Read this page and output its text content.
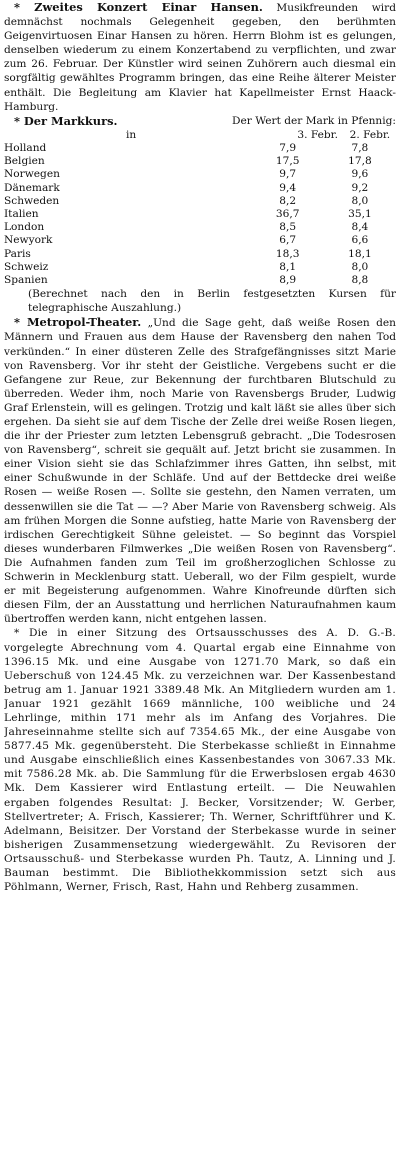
* Zweites Konzert Einar Hansen. Musikfreunden wird demnächst nochmals Gelegenheit gegeben, den berühmten Geigenvirtuosen Einar Hansen zu hören. Herrn Blohm ist es gelungen, denselben wiederum zu einem Konzertabend zu verpflichten, und zwar zum 26. Februar. Der Künstler wird seinen Zuhörern auch diesmal ein sorgfältig gewähltes Programm bringen, das eine Reihe älterer Meister enthält. Die Begleitung am Klavier hat Kapellmeister Ernst Haack-Hamburg.

* Der Markkurs.	Der Wert der Mark in Pfennig:
in	3. Febr.	2. Febr.
Holland	7,9	7,8
Belgien	17,5	17,8
Norwegen	9,7	9,6
Dänemark	9,4	9,2
Schweden	8,2	8,0
Italien	36,7	35,1
London	8,5	8,4
Newyork	6,7	6,6
Paris	18,3	18,1
Schweiz	8,1	8,0
Spanien	8,9	8,8

(Berechnet nach den in Berlin festgesetzten Kursen für telegraphische Auszahlung.)

* Metropol-Theater. „Und die Sage geht, daß weiße Rosen den Männern und Frauen aus dem Hause der Ravensberg den nahen Tod verkünden.“ In einer düsteren Zelle des Strafgefängnisses sitzt Marie von Ravensberg. Vor ihr steht der Geistliche. Vergebens sucht er die Gefangene zur Reue, zur Bekennung der furchtbaren Blutschuld zu überreden. Weder ihm, noch Marie von Ravensbergs Bruder, Ludwig Graf Erlenstein, will es gelingen. Trotzig und kalt läßt sie alles über sich ergehen. Da sieht sie auf dem Tische der Zelle drei weiße Rosen liegen, die ihr der Priester zum letzten Lebensgruß gebracht. „Die Todesrosen von Ravensberg“, schreit sie gequält auf. Jetzt bricht sie zusammen. In einer Vision sieht sie das Schlafzimmer ihres Gatten, ihn selbst, mit einer Schußwunde in der Schläfe. Und auf der Bettdecke drei weiße Rosen — weiße Rosen —. Sollte sie gestehn, den Namen verraten, um dessenwillen sie die Tat — —? Aber Marie von Ravensberg schweig. Als am frühen Morgen die Sonne aufstieg, hatte Marie von Ravensberg der irdischen Gerechtigkeit Sühne geleistet. — So beginnt das Vorspiel dieses wunderbaren Filmwerkes „Die weißen Rosen von Ravensberg“. Die Aufnahmen fanden zum Teil im großherzoglichen Schlosse zu Schwerin in Mecklenburg statt. Ueberall, wo der Film gespielt, wurde er mit Begeisterung aufgenommen. Wahre Kinofreunde dürften sich diesen Film, der an Ausstattung und herrlichen Naturaufnahmen kaum übertroffen werden kann, nicht entgehen lassen.

* Die in einer Sitzung des Ortsausschusses des A. D. G.-B. vorgelegte Abrechnung vom 4. Quartal ergab eine Einnahme von 1396.15 Mk. und eine Ausgabe von 1271.70 Mark, so daß ein Ueberschuß von 124.45 Mk. zu verzeichnen war. Der Kassenbestand betrug am 1. Januar 1921 3389.48 Mk. An Mitgliedern wurden am 1. Januar 1921 gezählt 1669 männliche, 100 weibliche und 24 Lehrlinge, mithin 171 mehr als im Anfang des Vorjahres. Die Jahreseinnahme stellte sich auf 7354.65 Mk., der eine Ausgabe von 5877.45 Mk. gegenübersteht. Die Sterbekasse schließt in Einnahme und Ausgabe einschließlich eines Kassenbestandes von 3067.33 Mk. mit 7586.28 Mk. ab. Die Sammlung für die Erwerbslosen ergab 4630 Mk. Dem Kassierer wird Entlastung erteilt. — Die Neuwahlen ergaben folgendes Resultat: J. Becker, Vorsitzender; W. Gerber, Stellvertreter; A. Frisch, Kassierer; Th. Werner, Schriftführer und K. Adelmann, Beisitzer. Der Vorstand der Sterbekasse wurde in seiner bisherigen Zusammensetzung wiedergewählt. Zu Revisoren der Ortsausschuß- und Sterbekasse wurden Ph. Tautz, A. Linning und J. Bauman bestimmt. Die Bibliothekkommission setzt sich aus Pöhlmann, Werner, Frisch, Rast, Hahn und Rehberg zusammen.
